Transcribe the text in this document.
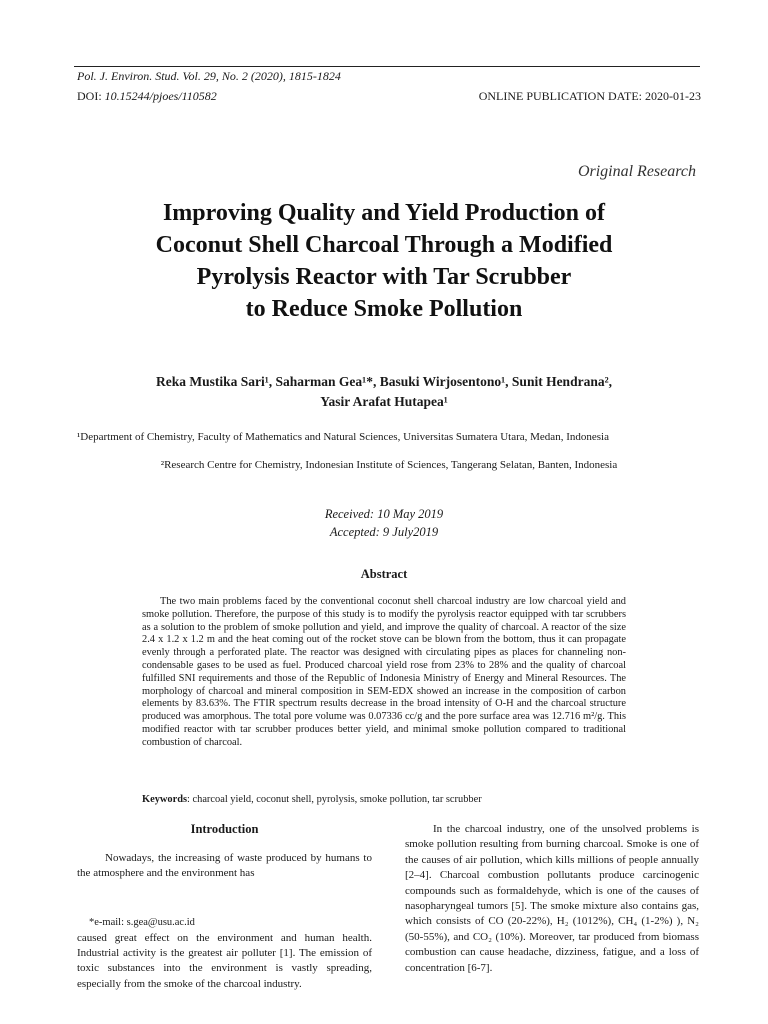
Pol. J. Environ. Stud. Vol. 29, No. 2 (2020), 1815-1824
DOI: 10.15244/pjoes/110582	ONLINE PUBLICATION DATE: 2020-01-23
Original Research
Improving Quality and Yield Production of
Coconut Shell Charcoal Through a Modified
Pyrolysis Reactor with Tar Scrubber
to Reduce Smoke Pollution
Reka Mustika Sari¹, Saharman Gea¹*, Basuki Wirjosentono¹, Sunit Hendrana²,
Yasir Arafat Hutapea¹
¹Department of Chemistry, Faculty of Mathematics and Natural Sciences, Universitas Sumatera Utara, Medan, Indonesia
²Research Centre for Chemistry, Indonesian Institute of Sciences, Tangerang Selatan, Banten, Indonesia
Received: 10 May 2019
Accepted: 9 July2019
Abstract

The two main problems faced by the conventional coconut shell charcoal industry are low charcoal yield and smoke pollution. Therefore, the purpose of this study is to modify the pyrolysis reactor equipped with tar scrubbers as a solution to the problem of smoke pollution and yield, and improve the quality of charcoal. A reactor of the size 2.4 x 1.2 x 1.2 m and the heat coming out of the rocket stove can be blown from the bottom, thus it can propagate evenly through a perforated plate. The reactor was designed with circulating pipes as places for channeling non-condensable gases to be used as fuel. Produced charcoal yield rose from 23% to 28% and the quality of charcoal fulfilled SNI requirements and those of the Republic of Indonesia Ministry of Energy and Mineral Resources. The morphology of charcoal and mineral composition in SEM-EDX showed an increase in the composition of carbon elements by 83.63%. The FTIR spectrum results decrease in the broad intensity of O-H and the charcoal structure produced was amorphous. The total pore volume was 0.07336 cc/g and the pore surface area was 12.716 m²/g. This modified reactor with tar scrubber produces better yield, and minimal smoke pollution compared to traditional combustion of charcoal.

Keywords: charcoal yield, coconut shell, pyrolysis, smoke pollution, tar scrubber
Introduction

Nowadays, the increasing of waste produced by humans to the atmosphere and the environment has

*e-mail: s.gea@usu.ac.id

caused great effect on the environment and human health. Industrial activity is the greatest air polluter [1]. The emission of toxic substances into the environment is vastly spreading, especially from the smoke of the charcoal industry.

In the charcoal industry, one of the unsolved problems is smoke pollution resulting from burning charcoal. Smoke is one of the causes of air pollution, which kills millions of people annually [2–4]. Charcoal combustion pollutants produce carcinogenic compounds such as formaldehyde, which is one of the causes of nasopharyngeal tumors [5]. The smoke mixture also contains gas, which consists of CO (20-22%), H₂ (1012%), CH₄ (1-2%) ), N₂ (50-55%), and CO₂ (10%). Moreover, tar produced from biomass combustion can cause headache, dizziness, fatigue, and a loss of concentration [6-7].
